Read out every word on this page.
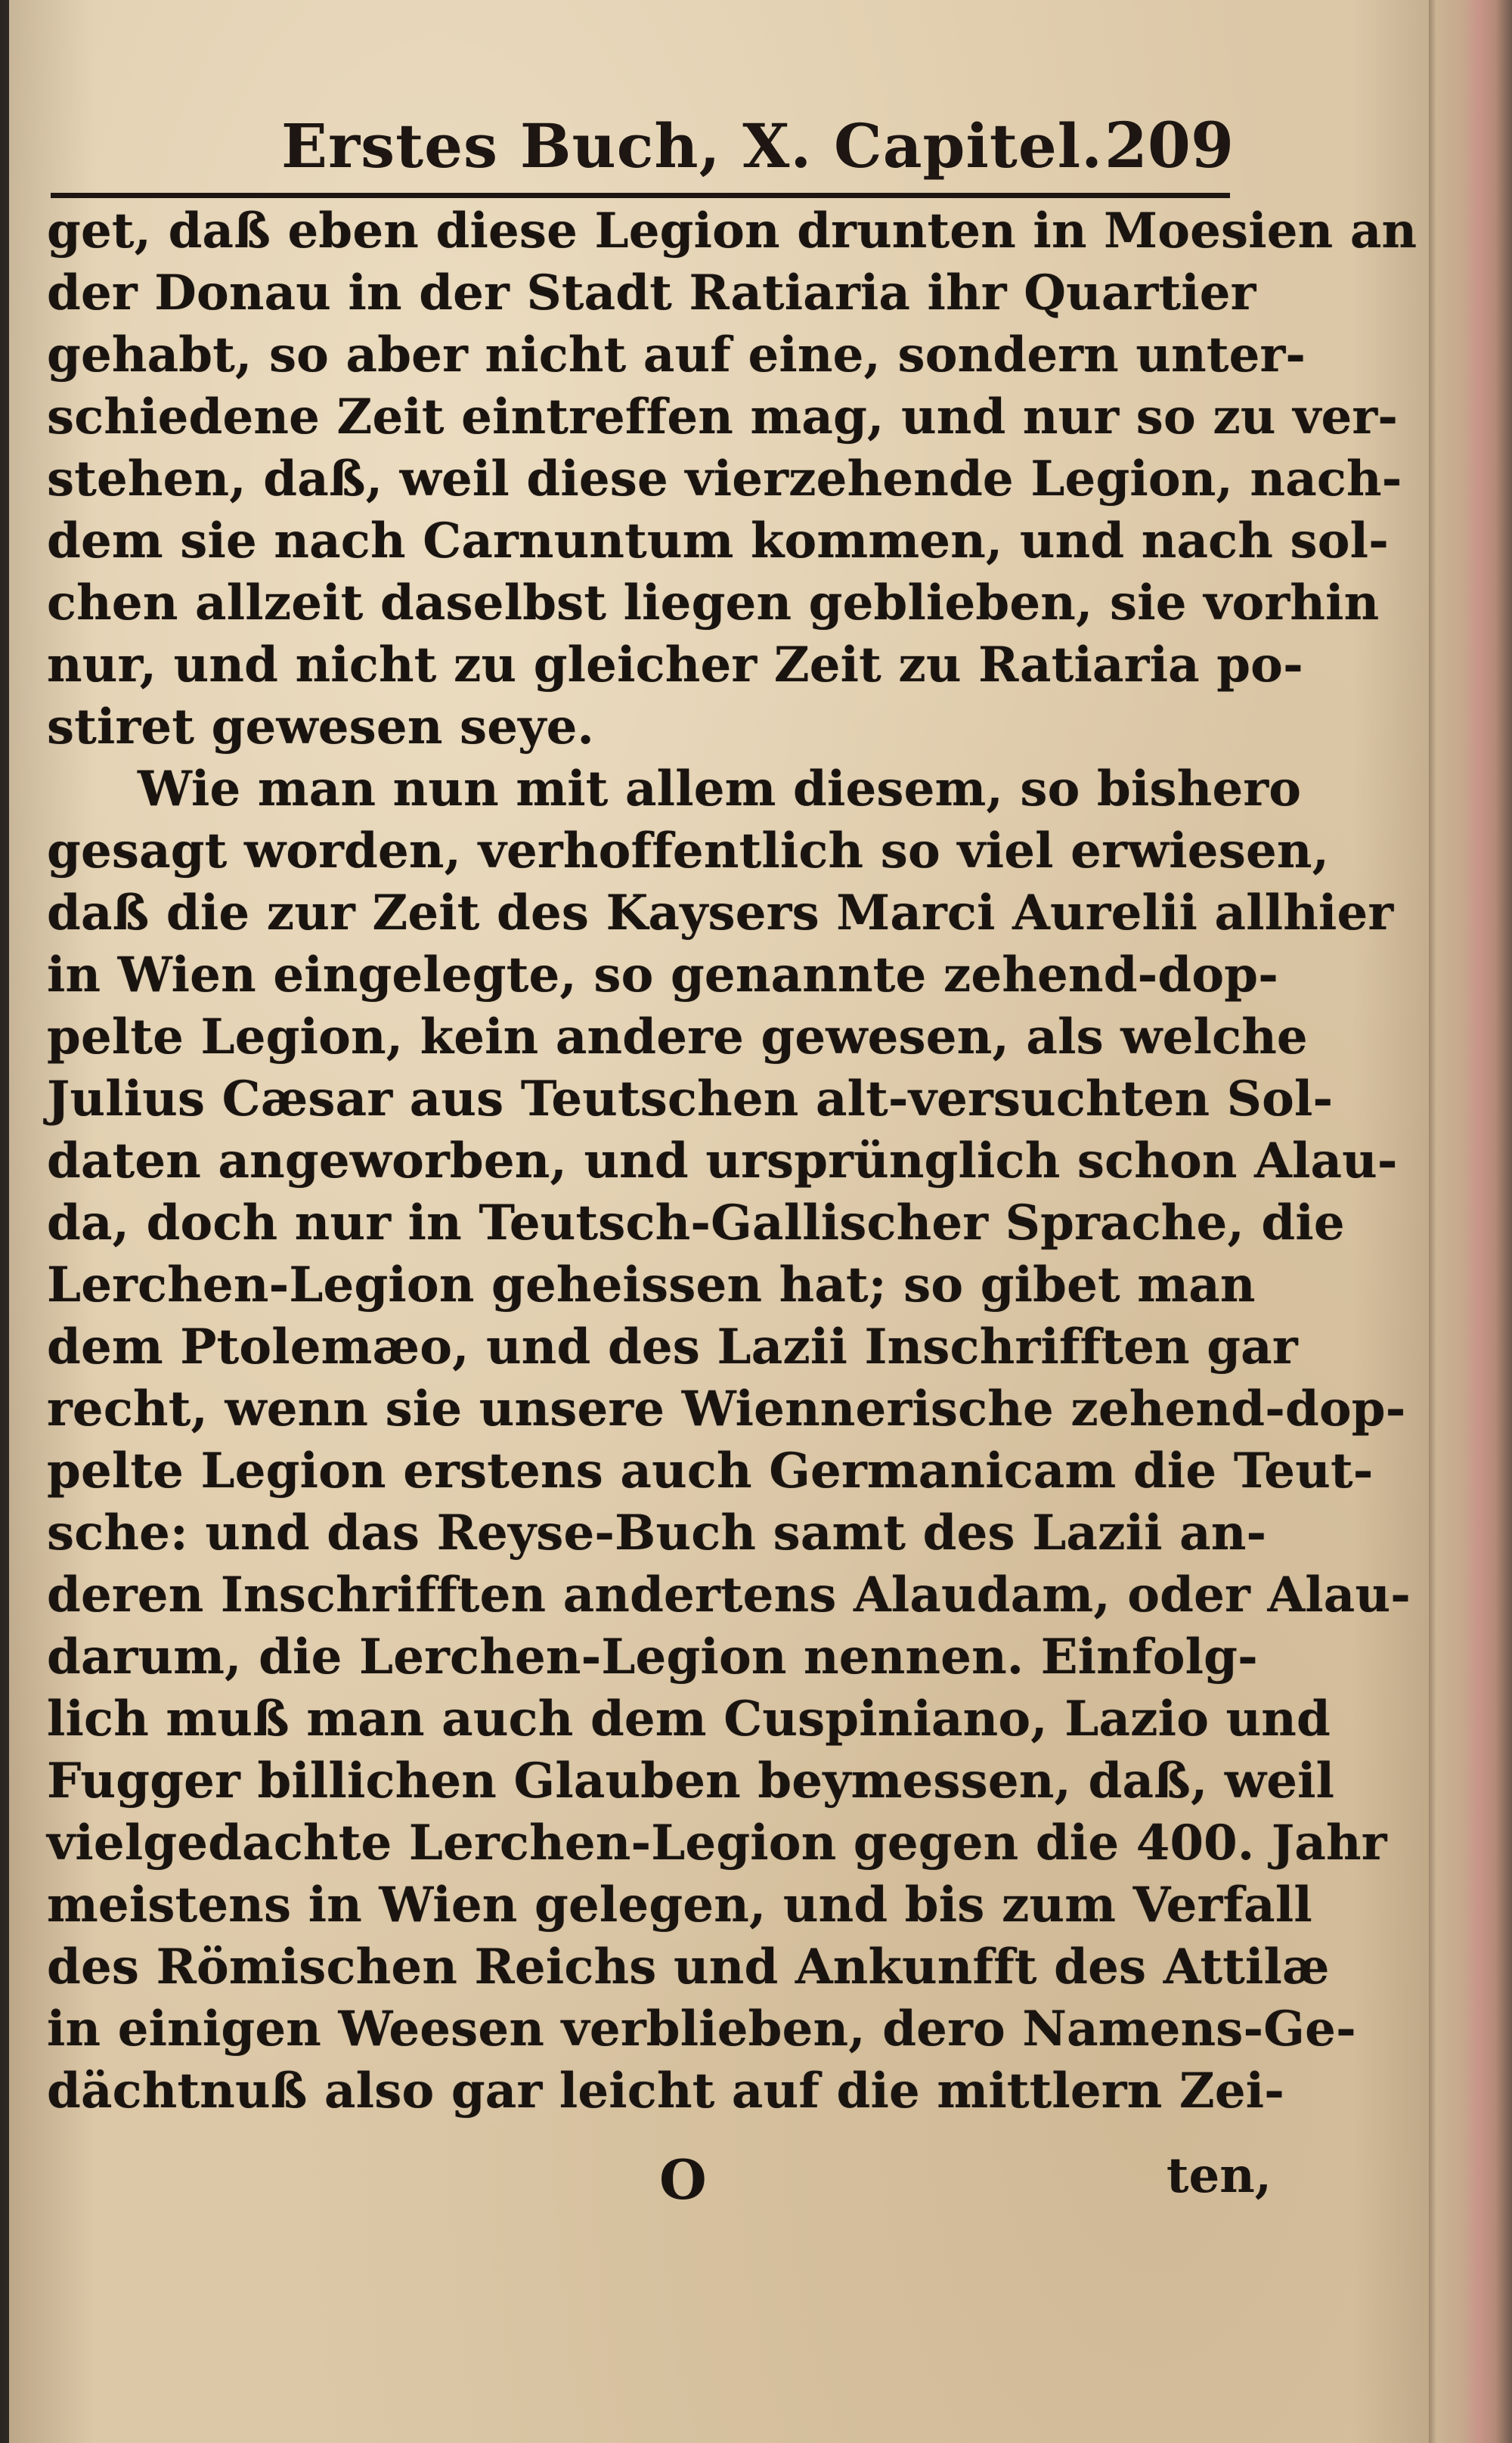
Erstes Buch, X. Capitel. 209
get, daß eben diese Legion drunten in Moesien an
der Donau in der Stadt Ratiaria ihr Quartier
gehabt, so aber nicht auf eine, sondern unter-
schiedene Zeit eintreffen mag, und nur so zu ver-
stehen, daß, weil diese vierzehende Legion, nach-
dem sie nach Carnuntum kommen, und nach sol-
chen allzeit daselbst liegen geblieben, sie vorhin
nur, und nicht zu gleicher Zeit zu Ratiaria po-
stiret gewesen seye.
Wie man nun mit allem diesem, so bishero
gesagt worden, verhoffentlich so viel erwiesen,
daß die zur Zeit des Kaysers Marci Aurelii allhier
in Wien eingelegte, so genannte zehend-dop-
pelte Legion, kein andere gewesen, als welche
Julius Cæsar aus Teutschen alt-versuchten Sol-
daten angeworben, und ursprünglich schon Alau-
da, doch nur in Teutsch-Gallischer Sprache, die
Lerchen-Legion geheissen hat; so gibet man
dem Ptolemæo, und des Lazii Inschrifften gar
recht, wenn sie unsere Wiennerische zehend-dop-
pelte Legion erstens auch Germanicam die Teut-
sche: und das Reyse-Buch samt des Lazii an-
deren Inschrifften andertens Alaudam, oder Alau-
darum, die Lerchen-Legion nennen. Einfolg-
lich muß man auch dem Cuspiniano, Lazio und
Fugger billichen Glauben beymessen, daß, weil
vielgedachte Lerchen-Legion gegen die 400. Jahr
meistens in Wien gelegen, und bis zum Verfall
des Römischen Reichs und Ankunfft des Attilæ
in einigen Weesen verblieben, dero Namens-Ge-
dächtnuß also gar leicht auf die mittlern Zei-
O	ten,
